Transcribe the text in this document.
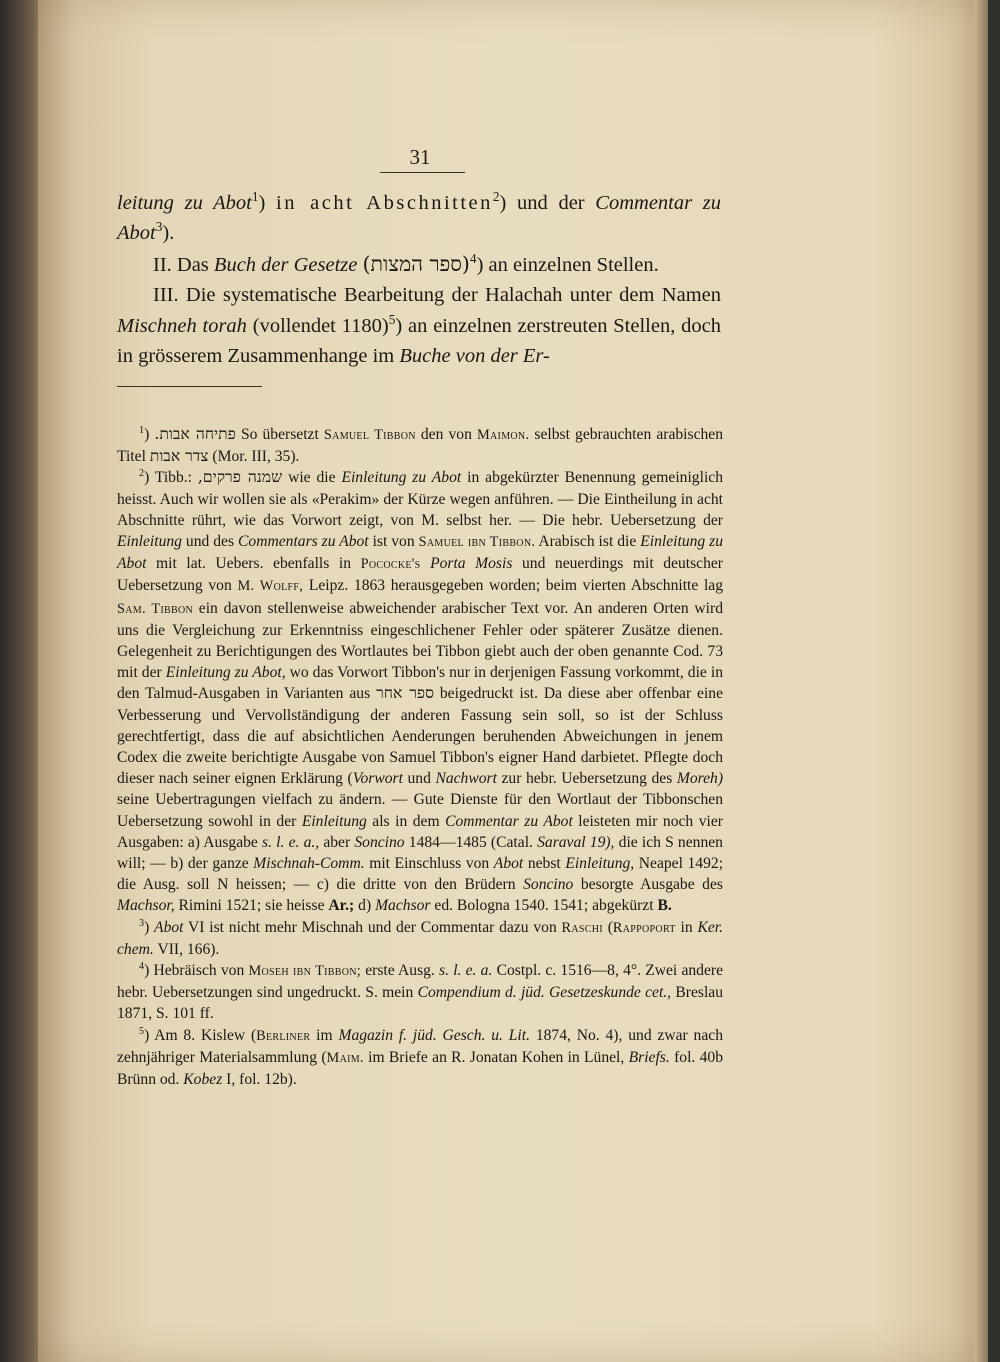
31

leitung zu Abot$^1$) in acht Abschnitten$^2$) und der Commentar zu Abot$^3$).

II. Das Buch der Gesetze (ספר המצות)$^4$) an einzelnen Stellen.

III. Die systematische Bearbeitung der Halachah unter dem Namen Mischneh torah (vollendet 1180)$^5$) an einzelnen zerstreuten Stellen, doch in grösserem Zusammenhange im Buche von der Er-

$^1$) פתיחה אבות. So übersetzt Samuel Tibbon den von Maimon. selbst gebrauchten arabischen Titel צדר אבות (Mor. III, 35).

$^2$) Tibb.: שמנה פרקים, wie die Einleitung zu Abot in abgekürzter Benennung gemeiniglich heisst. Auch wir wollen sie als «Perakim» der Kürze wegen anführen. — Die Eintheilung in acht Abschnitte rührt, wie das Vorwort zeigt, von M. selbst her. — Die hebr. Uebersetzung der Einleitung und des Commentars zu Abot ist von Samuel ibn Tibbon. Arabisch ist die Einleitung zu Abot mit lat. Uebers. ebenfalls in Pococke's Porta Mosis und neuerdings mit deutscher Uebersetzung von M. Wolff, Leipz. 1863 herausgegeben worden; beim vierten Abschnitte lag Sam. Tibbon ein davon stellenweise abweichender arabischer Text vor. An anderen Orten wird uns die Vergleichung zur Erkenntniss eingeschlichener Fehler oder späterer Zusätze dienen. Gelegenheit zu Berichtigungen des Wortlautes bei Tibbon giebt auch der oben genannte Cod. 73 mit der Einleitung zu Abot, wo das Vorwort Tibbon's nur in derjenigen Fassung vorkommt, die in den Talmud-Ausgaben in Varianten aus ספר אחר beigedruckt ist. Da diese aber offenbar eine Verbesserung und Vervollständigung der anderen Fassung sein soll, so ist der Schluss gerechtfertigt, dass die auf absichtlichen Aenderungen beruhenden Abweichungen in jenem Codex die zweite berichtigte Ausgabe von Samuel Tibbon's eigner Hand darbietet. Pflegte doch dieser nach seiner eignen Erklärung (Vorwort und Nachwort zur hebr. Uebersetzung des Moreh) seine Uebertragungen vielfach zu ändern. — Gute Dienste für den Wortlaut der Tibbonschen Uebersetzung sowohl in der Einleitung als in dem Commentar zu Abot leisteten mir noch vier Ausgaben: a) Ausgabe s. l. e. a., aber Soncino 1484—1485 (Catal. Saraval 19), die ich S nennen will; — b) der ganze Mischnah-Comm. mit Einschluss von Abot nebst Einleitung, Neapel 1492; die Ausg. soll N heissen; — c) die dritte von den Brüdern Soncino besorgte Ausgabe des Machsor, Rimini 1521; sie heisse Ar.; d) Machsor ed. Bologna 1540. 1541; abgekürzt B.

$^3$) Abot VI ist nicht mehr Mischnah und der Commentar dazu von Raschi (Rappoport in Ker. chem. VII, 166).

$^4$) Hebräisch von Moseh ibn Tibbon; erste Ausg. s. l. e. a. Costpl. c. 1516—8, 4°. Zwei andere hebr. Uebersetzungen sind ungedruckt. S. mein Compendium d. jüd. Gesetzeskunde cet., Breslau 1871, S. 101 ff.

$^5$) Am 8. Kislew (Berliner im Magazin f. jüd. Gesch. u. Lit. 1874, No. 4), und zwar nach zehnjähriger Materialsammlung (Maim. im Briefe an R. Jonatan Kohen in Lünel, Briefs. fol. 40b Brünn od. Kobez I, fol. 12b).
